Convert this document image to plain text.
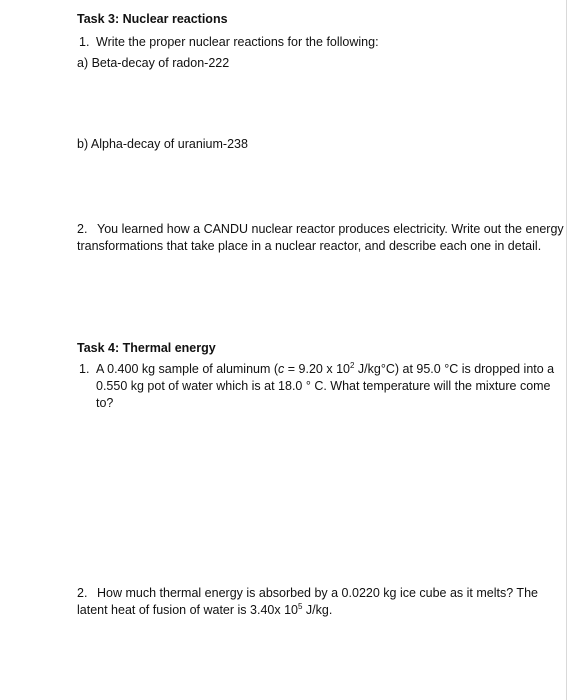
Task 3: Nuclear reactions
1. Write the proper nuclear reactions for the following:
a) Beta-decay of radon-222
b) Alpha-decay of uranium-238
2. You learned how a CANDU nuclear reactor produces electricity. Write out the energy transformations that take place in a nuclear reactor, and describe each one in detail.
Task 4: Thermal energy
1. A 0.400 kg sample of aluminum (c = 9.20 x $10^2$ J/kg°C) at 95.0 °C is dropped into a 0.550 kg pot of water which is at 18.0 ° C. What temperature will the mixture come to?
2. How much thermal energy is absorbed by a 0.0220 kg ice cube as it melts? The latent heat of fusion of water is 3.40x $10^5$ J/kg.
